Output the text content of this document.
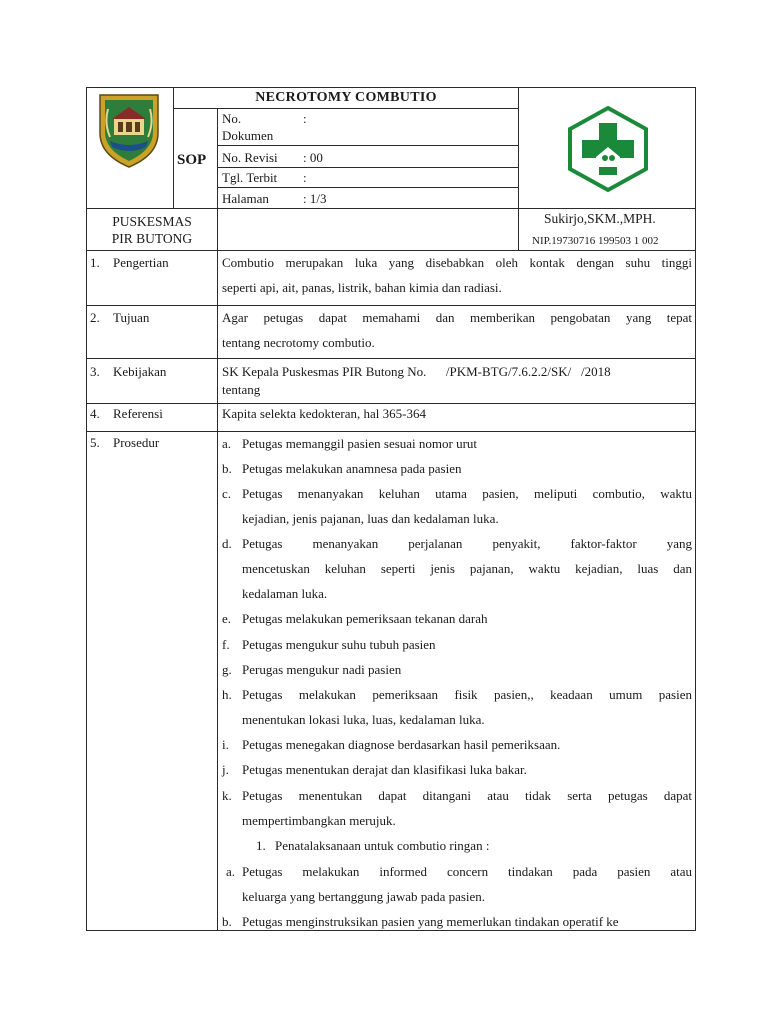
NECROTOMY COMBUTIO
SOP
No.
Dokumen
:
No. Revisi : 00
Tgl. Terbit :
Halaman	: 1/3
PUSKESMAS
PIR BUTONG
Sukirjo,SKM.,MPH.
NIP.19730716 199503 1 002
1. Pengertian
2. Tujuan
3. Kebijakan
4. Referensi
5. Prosedur
Combutio merupakan luka yang disebabkan oleh kontak dengan suhu tinggi
seperti api, ait, panas, listrik, bahan kimia dan radiasi.
Agar petugas dapat memahami dan memberikan pengobatan yang tepat
tentang necrotomy combutio.
SK Kepala Puskesmas PIR Butong No.      /PKM-BTG/7.6.2.2/SK/   /2018
tentang
Kapita selekta kedokteran, hal 365-364
a. Petugas memanggil pasien sesuai nomor urut
b. Petugas melakukan anamnesa pada pasien
c. Petugas menanyakan keluhan utama pasien, meliputi combutio, waktu
kejadian, jenis pajanan, luas dan kedalaman luka.
d. Petugas menanyakan perjalanan penyakit, faktor-faktor yang
mencetuskan keluhan seperti jenis pajanan, waktu kejadian, luas dan
kedalaman luka.
e. Petugas melakukan pemeriksaan tekanan darah
f. Petugas mengukur suhu tubuh pasien
g. Perugas mengukur nadi pasien
h. Petugas melakukan pemeriksaan fisik pasien,, keadaan umum pasien
menentukan lokasi luka, luas, kedalaman luka.
i. Petugas menegakan diagnose berdasarkan hasil pemeriksaan.
j. Petugas menentukan derajat dan klasifikasi luka bakar.
k. Petugas menentukan dapat ditangani atau tidak serta petugas dapat
mempertimbangkan merujuk.
1. Penatalaksanaan untuk combutio ringan :
a. Petugas melakukan informed concern tindakan pada pasien atau
keluarga yang bertanggung jawab pada pasien.
b. Petugas menginstruksikan pasien yang memerlukan tindakan operatif ke
